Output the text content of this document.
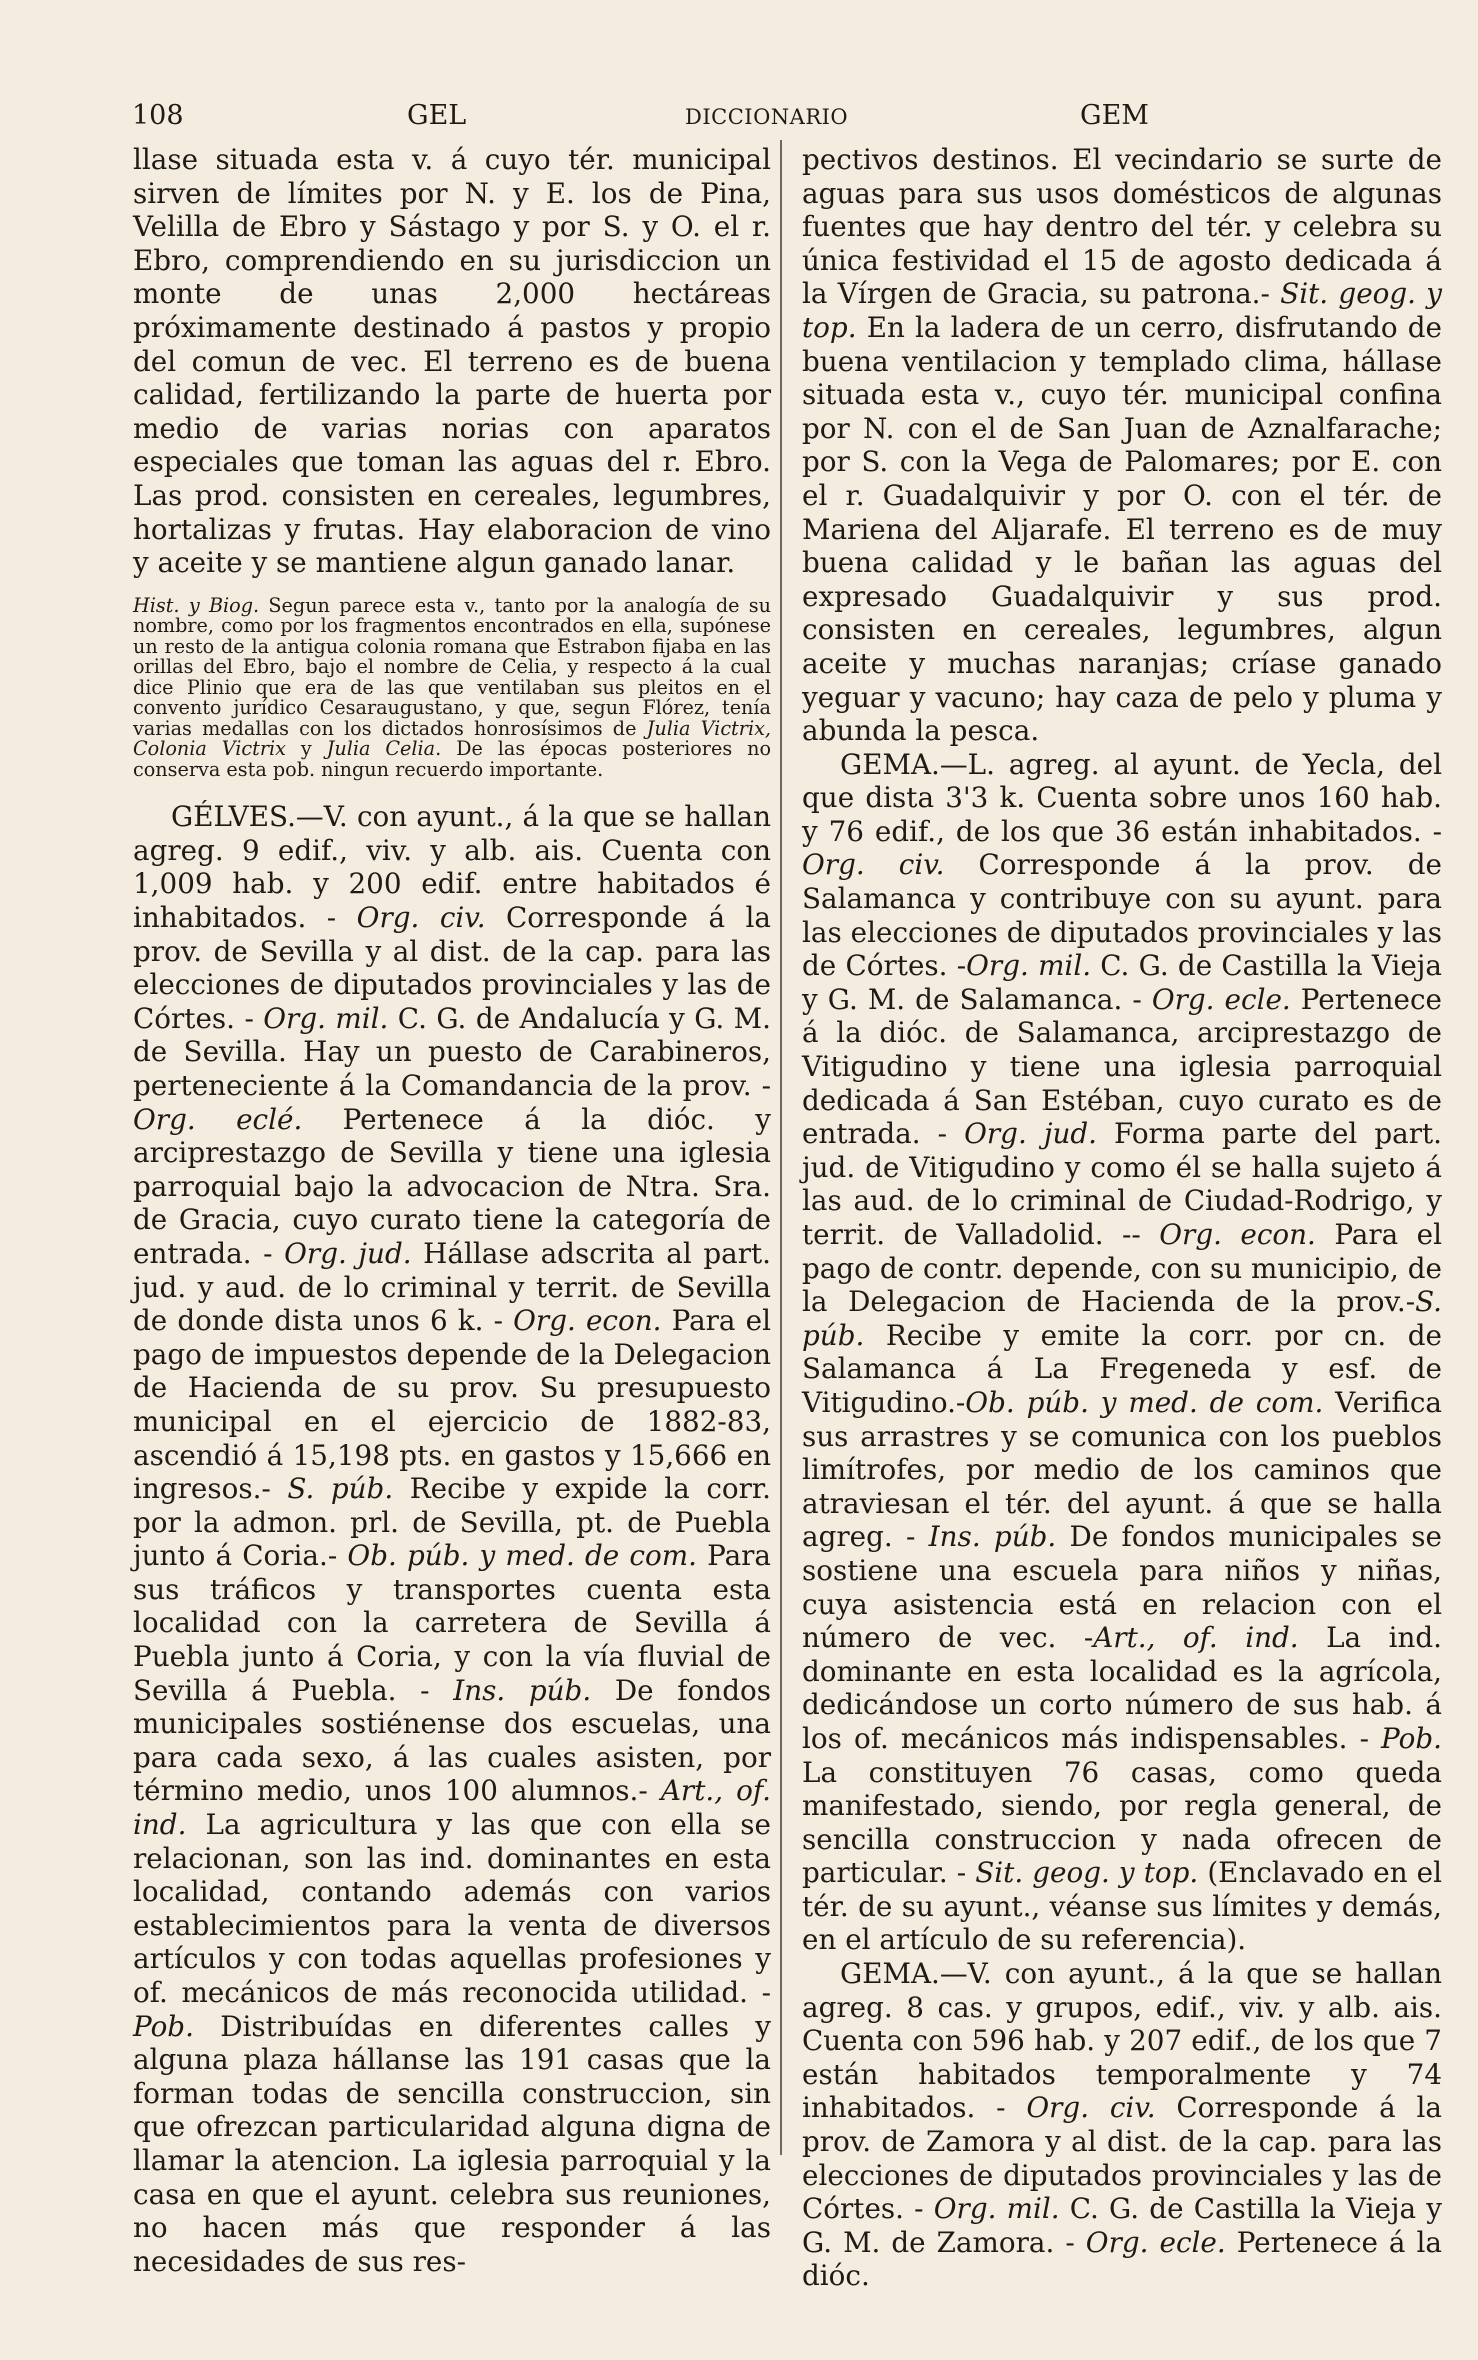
108	GEL	DICCIONARIO	GEM

llase situada esta v. á cuyo tér. municipal sirven de límites por N. y E. los de Pina, Velilla de Ebro y Sástago y por S. y O. el r. Ebro, comprendiendo en su jurisdiccion un monte de unas 2,000 hectáreas próximamente destinado á pastos y propio del comun de vec. El terreno es de buena calidad, fertilizando la parte de huerta por medio de varias norias con aparatos especiales que toman las aguas del r. Ebro. Las prod. consisten en cereales, legumbres, hortalizas y frutas. Hay elaboracion de vino y aceite y se mantiene algun ganado lanar.

Hist. y Biog. Segun parece esta v., tanto por la analogía de su nombre, como por los fragmentos encontrados en ella, supónese un resto de la antigua colonia romana que Estrabon fijaba en las orillas del Ebro, bajo el nombre de Celia, y respecto á la cual dice Plinio que era de las que ventilaban sus pleitos en el convento jurídico Cesaraugustano, y que, segun Flórez, tenía varias medallas con los dictados honrosísimos de Julia Victrix, Colonia Victrix y Julia Celia. De las épocas posteriores no conserva esta pob. ningun recuerdo importante.

GÉLVES.—V. con ayunt., á la que se hallan agreg. 9 edif., viv. y alb. ais. Cuenta con 1,009 hab. y 200 edif. entre habitados é inhabitados. - Org. civ. Corresponde á la prov. de Sevilla y al dist. de la cap. para las elecciones de diputados provinciales y las de Córtes. - Org. mil. C. G. de Andalucía y G. M. de Sevilla. Hay un puesto de Carabineros, perteneciente á la Comandancia de la prov. - Org. eclé. Pertenece á la dióc. y arciprestazgo de Sevilla y tiene una iglesia parroquial bajo la advocacion de Ntra. Sra. de Gracia, cuyo curato tiene la categoría de entrada. - Org. jud. Hállase adscrita al part. jud. y aud. de lo criminal y territ. de Sevilla de donde dista unos 6 k. - Org. econ. Para el pago de impuestos depende de la Delegacion de Hacienda de su prov. Su presupuesto municipal en el ejercicio de 1882-83, ascendió á 15,198 pts. en gastos y 15,666 en ingresos.- S. púb. Recibe y expide la corr. por la admon. prl. de Sevilla, pt. de Puebla junto á Coria.- Ob. púb. y med. de com. Para sus tráficos y transportes cuenta esta localidad con la carretera de Sevilla á Puebla junto á Coria, y con la vía fluvial de Sevilla á Puebla. - Ins. púb. De fondos municipales sostiénense dos escuelas, una para cada sexo, á las cuales asisten, por término medio, unos 100 alumnos.- Art., of. ind. La agricultura y las que con ella se relacionan, son las ind. dominantes en esta localidad, contando además con varios establecimientos para la venta de diversos artículos y con todas aquellas profesiones y of. mecánicos de más reconocida utilidad. - Pob. Distribuídas en diferentes calles y alguna plaza hállanse las 191 casas que la forman todas de sencilla construccion, sin que ofrezcan particularidad alguna digna de llamar la atencion. La iglesia parroquial y la casa en que el ayunt. celebra sus reuniones, no hacen más que responder á las necesidades de sus res-

pectivos destinos. El vecindario se surte de aguas para sus usos domésticos de algunas fuentes que hay dentro del tér. y celebra su única festividad el 15 de agosto dedicada á la Vírgen de Gracia, su patrona.- Sit. geog. y top. En la ladera de un cerro, disfrutando de buena ventilacion y templado clima, hállase situada esta v., cuyo tér. municipal confina por N. con el de San Juan de Aznalfarache; por S. con la Vega de Palomares; por E. con el r. Guadalquivir y por O. con el tér. de Mariena del Aljarafe. El terreno es de muy buena calidad y le bañan las aguas del expresado Guadalquivir y sus prod. consisten en cereales, legumbres, algun aceite y muchas naranjas; críase ganado yeguar y vacuno; hay caza de pelo y pluma y abunda la pesca.

GEMA.—L. agreg. al ayunt. de Yecla, del que dista 3'3 k. Cuenta sobre unos 160 hab. y 76 edif., de los que 36 están inhabitados. - Org. civ. Corresponde á la prov. de Salamanca y contribuye con su ayunt. para las elecciones de diputados provinciales y las de Córtes. -Org. mil. C. G. de Castilla la Vieja y G. M. de Salamanca. - Org. ecle. Pertenece á la dióc. de Salamanca, arciprestazgo de Vitigudino y tiene una iglesia parroquial dedicada á San Estéban, cuyo curato es de entrada. - Org. jud. Forma parte del part. jud. de Vitigudino y como él se halla sujeto á las aud. de lo criminal de Ciudad-Rodrigo, y territ. de Valladolid. -- Org. econ. Para el pago de contr. depende, con su municipio, de la Delegacion de Hacienda de la prov.-S. púb. Recibe y emite la corr. por cn. de Salamanca á La Fregeneda y esf. de Vitigudino.-Ob. púb. y med. de com. Verifica sus arrastres y se comunica con los pueblos limítrofes, por medio de los caminos que atraviesan el tér. del ayunt. á que se halla agreg. - Ins. púb. De fondos municipales se sostiene una escuela para niños y niñas, cuya asistencia está en relacion con el número de vec. -Art., of. ind. La ind. dominante en esta localidad es la agrícola, dedicándose un corto número de sus hab. á los of. mecánicos más indispensables. - Pob. La constituyen 76 casas, como queda manifestado, siendo, por regla general, de sencilla construccion y nada ofrecen de particular. - Sit. geog. y top. (Enclavado en el tér. de su ayunt., véanse sus límites y demás, en el artículo de su referencia).

GEMA.—V. con ayunt., á la que se hallan agreg. 8 cas. y grupos, edif., viv. y alb. ais. Cuenta con 596 hab. y 207 edif., de los que 7 están habitados temporalmente y 74 inhabitados. - Org. civ. Corresponde á la prov. de Zamora y al dist. de la cap. para las elecciones de diputados provinciales y las de Córtes. - Org. mil. C. G. de Castilla la Vieja y G. M. de Zamora. - Org. ecle. Pertenece á la dióc.
